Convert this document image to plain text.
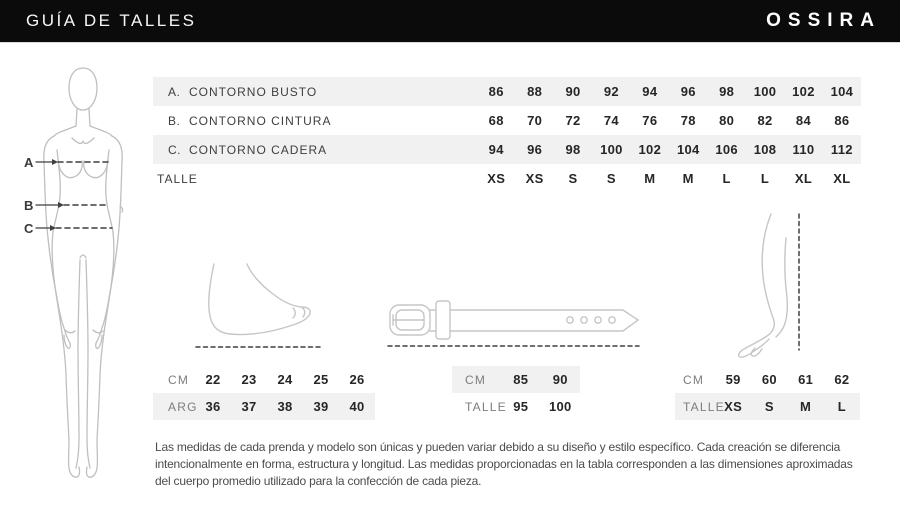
GUÍA DE TALLES	OSSIRA
A
B
C
A. CONTORNO BUSTO	86	88	90	92	94	96	98	100	102	104
B. CONTORNO CINTURA	68	70	72	74	76	78	80	82	84	86
C. CONTORNO CADERA	94	96	98	100	102	104	106	108	110	112
TALLE	XS	XS	S	S	M	M	L	L	XL	XL
CM	22	23	24	25	26
ARG 36	37	38	39	40
CM	85	90
TALLE 95	100
CM	59	60	61	62
TALLE XS	S	M	L
Las medidas de cada prenda y modelo son únicas y pueden variar debido a su diseño y estilo específico. Cada creación se diferencia
intencionalmente en forma, estructura y longitud. Las medidas proporcionadas en la tabla corresponden a las dimensiones aproximadas
del cuerpo promedio utilizado para la confección de cada pieza.
